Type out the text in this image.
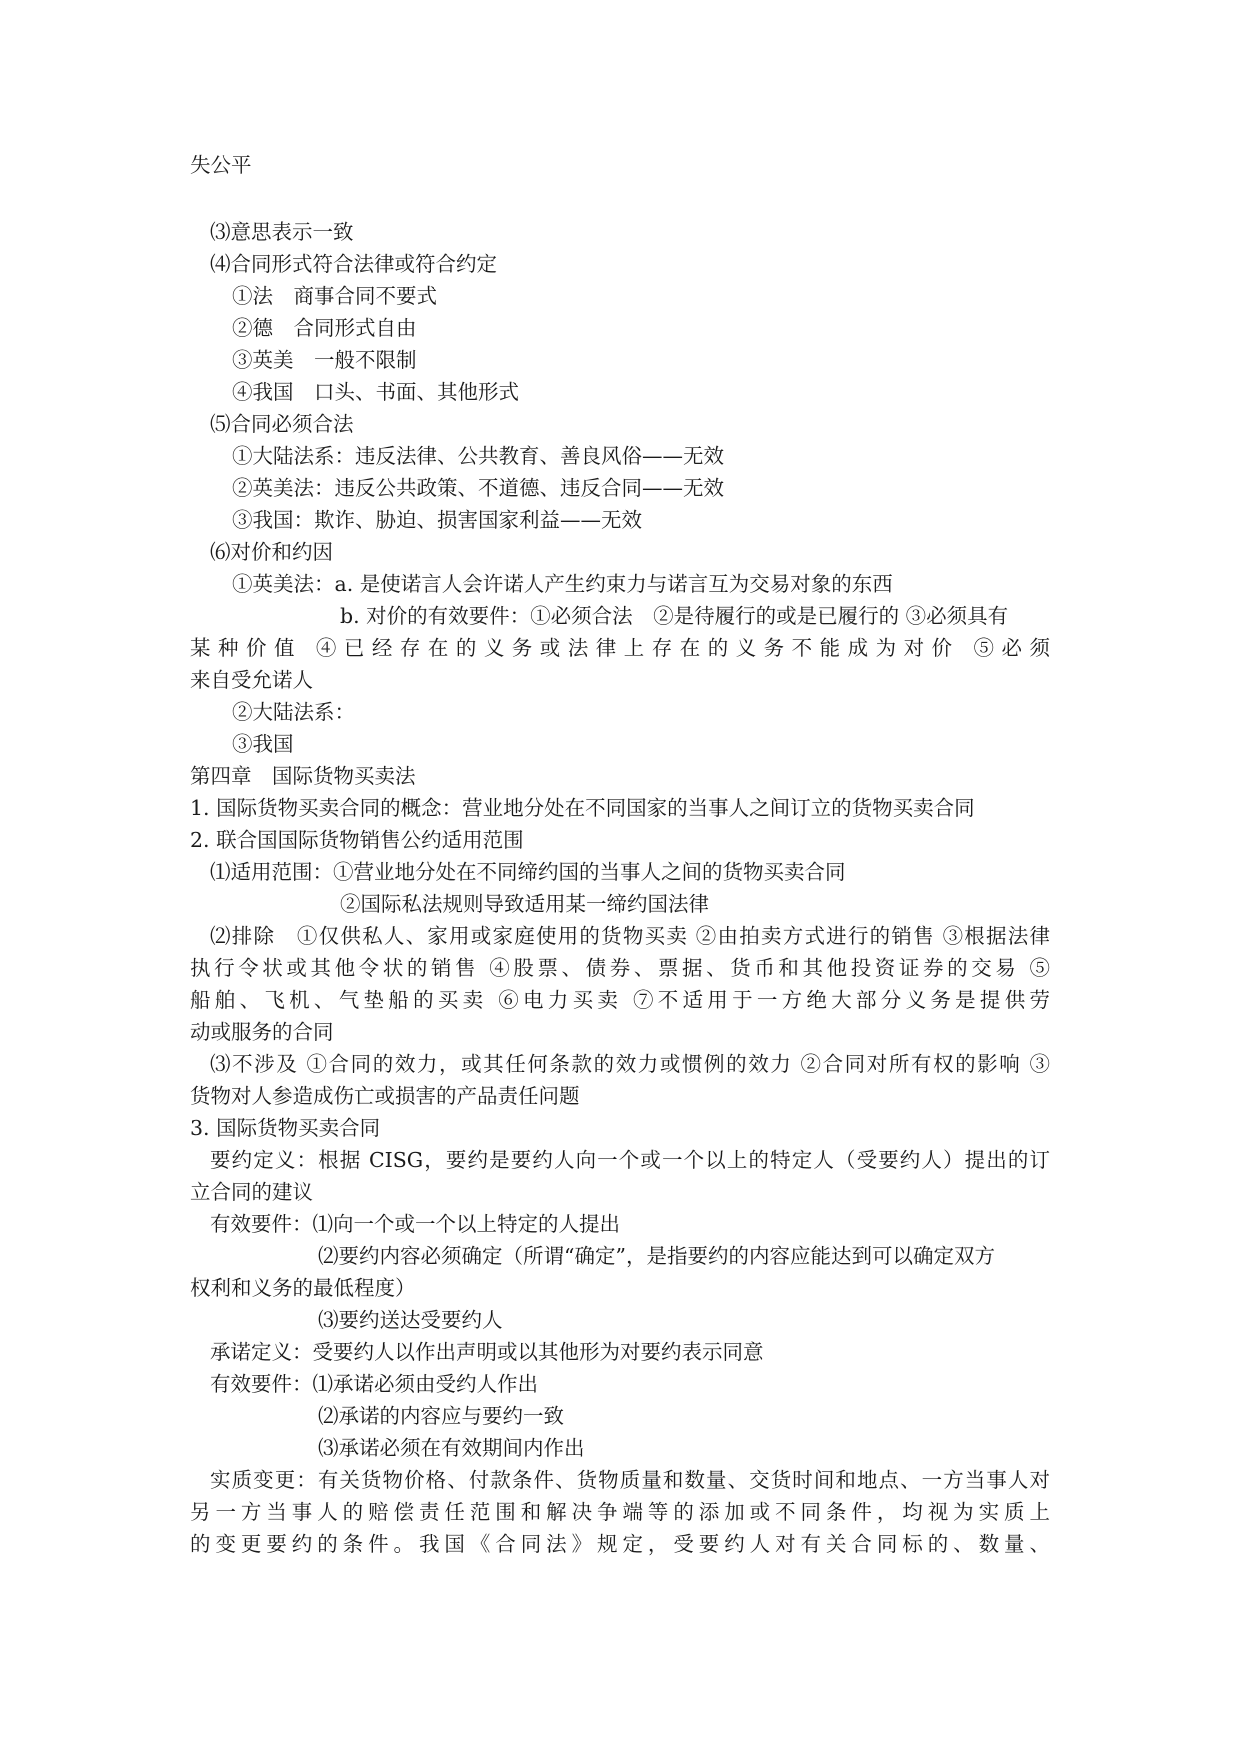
失公平
⑶意思表示一致
⑷合同形式符合法律或符合约定
①法　商事合同不要式
②德　合同形式自由
③英美　一般不限制
④我国　口头、书面、其他形式
⑸合同必须合法
①大陆法系：违反法律、公共教育、善良风俗——无效
②英美法：违反公共政策、不道德、违反合同——无效
③我国：欺诈、胁迫、损害国家利益——无效
⑹对价和约因
①英美法：a. 是使诺言人会许诺人产生约束力与诺言互为交易对象的东西
b. 对价的有效要件：①必须合法　②是待履行的或是已履行的 ③必须具有
某种价值 ④已经存在的义务或法律上存在的义务不能成为对价 ⑤必须
来自受允诺人
②大陆法系：
③我国
第四章　国际货物买卖法
1. 国际货物买卖合同的概念：营业地分处在不同国家的当事人之间订立的货物买卖合同
2. 联合国国际货物销售公约适用范围
⑴适用范围：①营业地分处在不同缔约国的当事人之间的货物买卖合同
②国际私法规则导致适用某一缔约国法律
⑵排除　①仅供私人、家用或家庭使用的货物买卖 ②由拍卖方式进行的销售 ③根据法律
执行令状或其他令状的销售 ④股票、债券、票据、货币和其他投资证券的交易 ⑤
船舶、飞机、气垫船的买卖 ⑥电力买卖 ⑦不适用于一方绝大部分义务是提供劳
动或服务的合同
⑶不涉及 ①合同的效力，或其任何条款的效力或惯例的效力 ②合同对所有权的影响 ③
货物对人参造成伤亡或损害的产品责任问题
3. 国际货物买卖合同
要约定义：根据 CISG，要约是要约人向一个或一个以上的特定人（受要约人）提出的订
立合同的建议
有效要件：⑴向一个或一个以上特定的人提出
⑵要约内容必须确定（所谓“确定”，是指要约的内容应能达到可以确定双方
权利和义务的最低程度）
⑶要约送达受要约人
承诺定义：受要约人以作出声明或以其他形为对要约表示同意
有效要件：⑴承诺必须由受约人作出
⑵承诺的内容应与要约一致
⑶承诺必须在有效期间内作出
实质变更：有关货物价格、付款条件、货物质量和数量、交货时间和地点、一方当事人对
另一方当事人的赔偿责任范围和解决争端等的添加或不同条件，均视为实质上
的变更要约的条件。我国《合同法》规定，受要约人对有关合同标的、数量、
